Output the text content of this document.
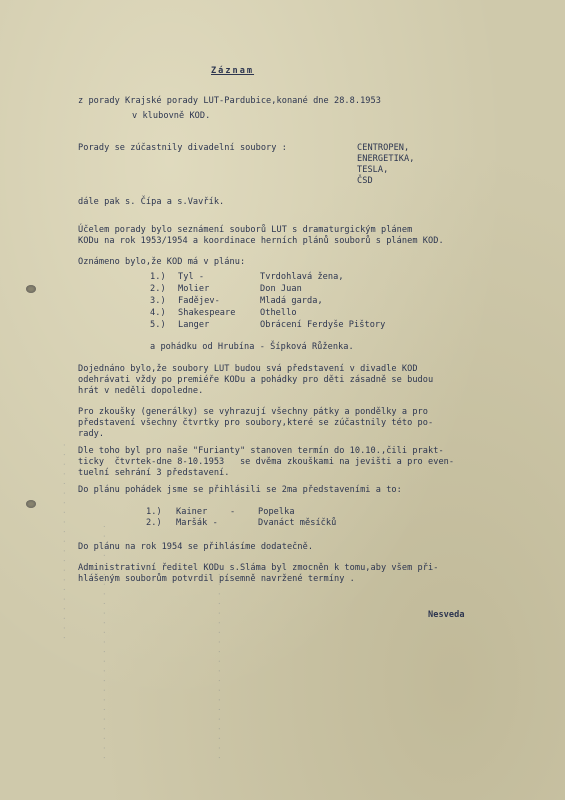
· · · · · · · · · · · · · · · · · · · · ·	· · · · · · · · · · · · · · · · · · · · · · · · ·	· · · · · · · · · · · · · · · · · · · ·
Záznam
z porady Krajské porady LUT-Pardubice,konané dne 28.8.1953
v klubovně KOD.
Porady se zúčastnily divadelní soubory :	CENTROPEN,
ENERGETIKA,
TESLA,
ČSD
dále pak s. Čípa a s.Vavřík.
Účelem porady bylo seznámení souborů LUT s dramaturgickým plánem
KODu na rok 1953/1954 a koordinace herních plánů souborů s plánem KOD.
Oznámeno bylo,že KOD má v plánu:
1.) Tyl -	Tvrdohlavá žena,
2.) Molier	Don Juan
3.) Fadějev-	Mladá garda,
4.) Shakespeare	Othello
5.) Langer	Obrácení Ferdyše Pištory
a pohádku od Hrubína - Šípková Růženka.
Dojednáno bylo,že soubory LUT budou svá představení v divadle KOD
odehrávati vždy po premiéře KODu a pohádky pro děti zásadně se budou
hrát v neděli dopoledne.
Pro zkoušky (generálky) se vyhrazují všechny pátky a pondělky a pro
představení všechny čtvrtky pro soubory,které se zúčastnily této po-
rady.
Dle toho byl pro naše "Furianty" stanoven termín do 10.10.,čili prakt-
ticky  čtvrtek-dne 8-10.1953   se dvěma zkouškami na jevišti a pro even-
tuelní sehrání 3 představení.
Do plánu pohádek jsme se přihlásili se 2ma představeními a to:
1.) Kainer	-	Popelka
2.) Maršák -	Dvanáct měsíčků
Do plánu na rok 1954 se přihlásíme dodatečně.
Administrativní ředitel KODu s.Sláma byl zmocněn k tomu,aby všem při-
hlášeným souborům potvrdil písemně navržené termíny .
Nesveda
